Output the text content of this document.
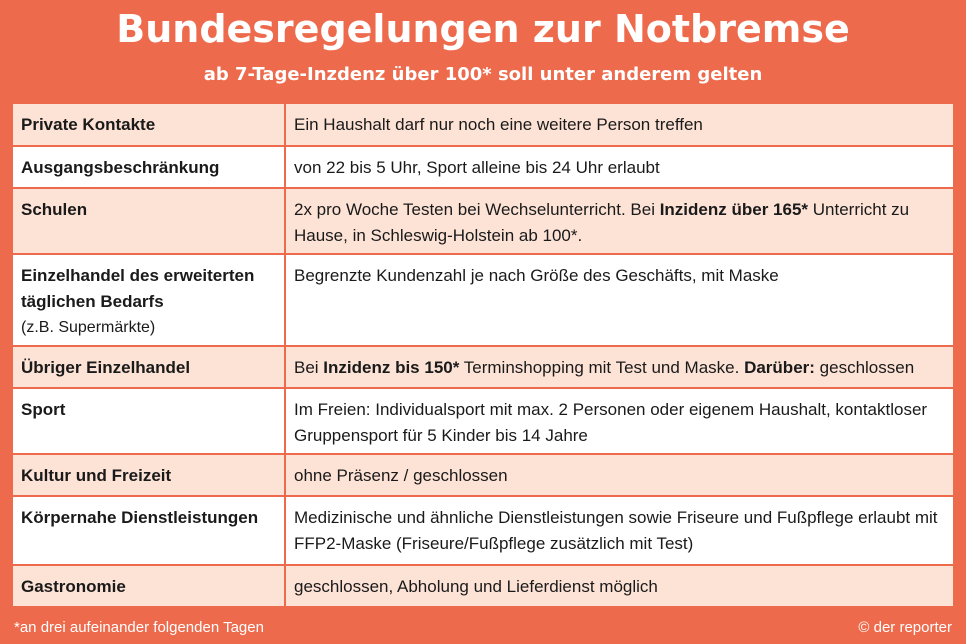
Bundesregelungen zur Notbremse
ab 7-Tage-Inzdenz über 100* soll unter anderem gelten
Private Kontakte	Ein Haushalt darf nur noch eine weitere Person treffen

Ausgangsbeschränkung	von 22 bis 5 Uhr, Sport alleine bis 24 Uhr erlaubt

Schulen	2x pro Woche Testen bei Wechselunterricht. Bei Inzidenz über 165* Unterricht zu Hause, in Schleswig-Holstein ab 100*.

Einzelhandel des erweiterten täglichen Bedarfs
(z.B. Supermärkte)	Begrenzte Kundenzahl je nach Größe des Geschäfts, mit Maske

Übriger Einzelhandel	Bei Inzidenz bis 150* Terminshopping mit Test und Maske. Darüber: geschlossen

Sport	Im Freien: Individualsport mit max. 2 Personen oder eigenem Haushalt, kontaktloser Gruppensport für 5 Kinder bis 14 Jahre

Kultur und Freizeit	ohne Präsenz / geschlossen

Körpernahe Dienstleistungen	Medizinische und ähnliche Dienstleistungen sowie Friseure und Fußpflege erlaubt mit FFP2-Maske (Friseure/Fußpflege zusätzlich mit Test)

Gastronomie	geschlossen, Abholung und Lieferdienst möglich
*an drei aufeinander folgenden Tagen	© der reporter
